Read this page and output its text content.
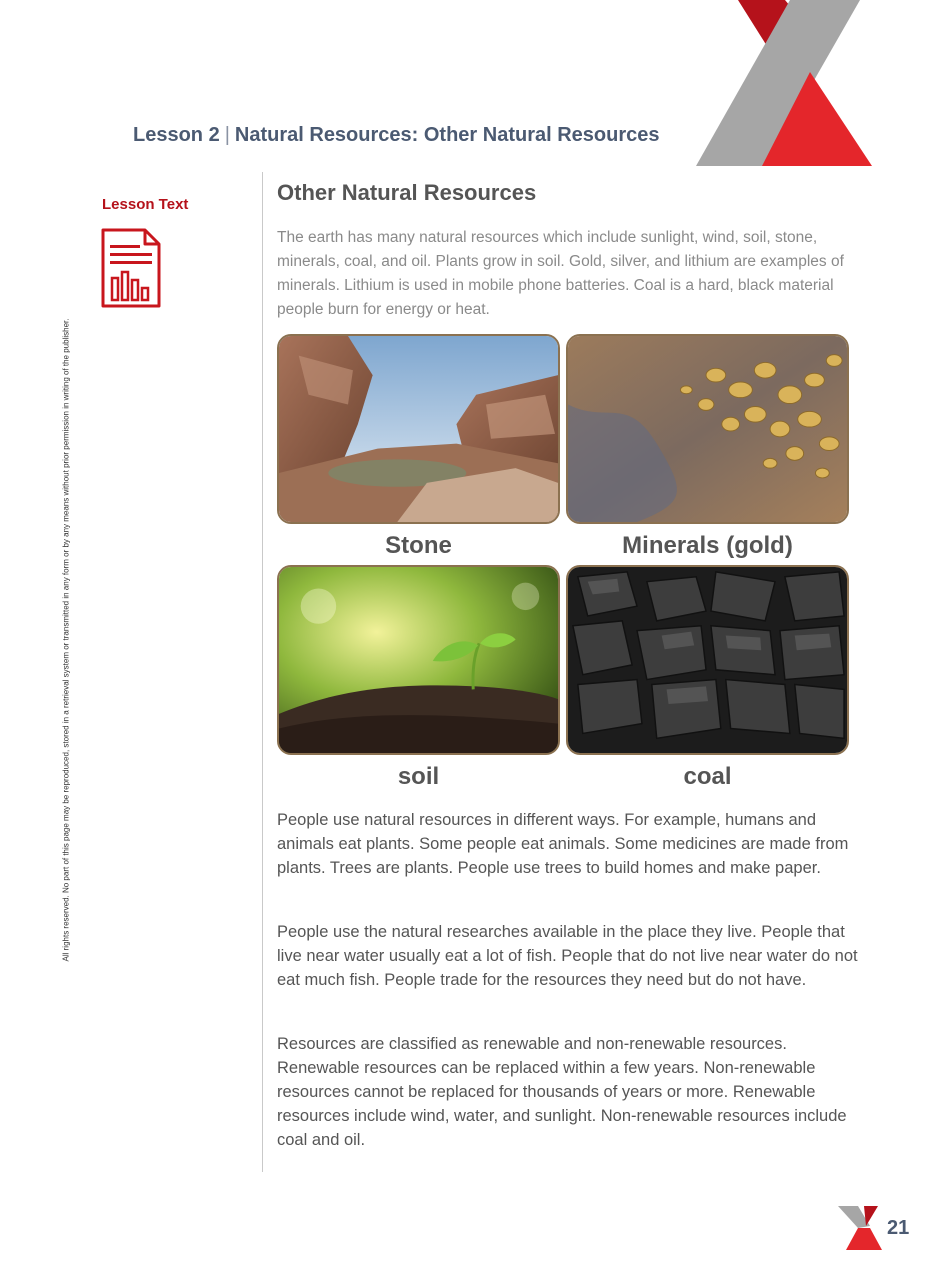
Lesson 2 | Natural Resources: Other Natural Resources
All rights reserved. No part of this page may be reproduced, stored in a retrieval system or transmitted in any form or by any means without prior permission in writing of the publisher.
Lesson Text	Other Natural Resources

The earth has many natural resources which include sunlight, wind, soil, stone, minerals, coal, and oil. Plants grow in soil. Gold, silver, and lithium are examples of minerals. Lithium is used in mobile phone batteries. Coal is a hard, black material people burn for energy or heat.

Stone	Minerals (gold)
soil	coal

People use natural resources in different ways. For example, humans and animals eat plants. Some people eat animals. Some medicines are made from plants. Trees are plants. People use trees to build homes and make paper.

People use the natural researches available in the place they live. People that live near water usually eat a lot of fish. People that do not live near water do not eat much fish. People trade for the resources they need but do not have.

Resources are classified as renewable and non-renewable resources. Renewable resources can be replaced within a few years. Non-renewable resources cannot be replaced for thousands of years or more. Renewable resources include wind, water, and sunlight. Non-renewable resources include coal and oil.

21
